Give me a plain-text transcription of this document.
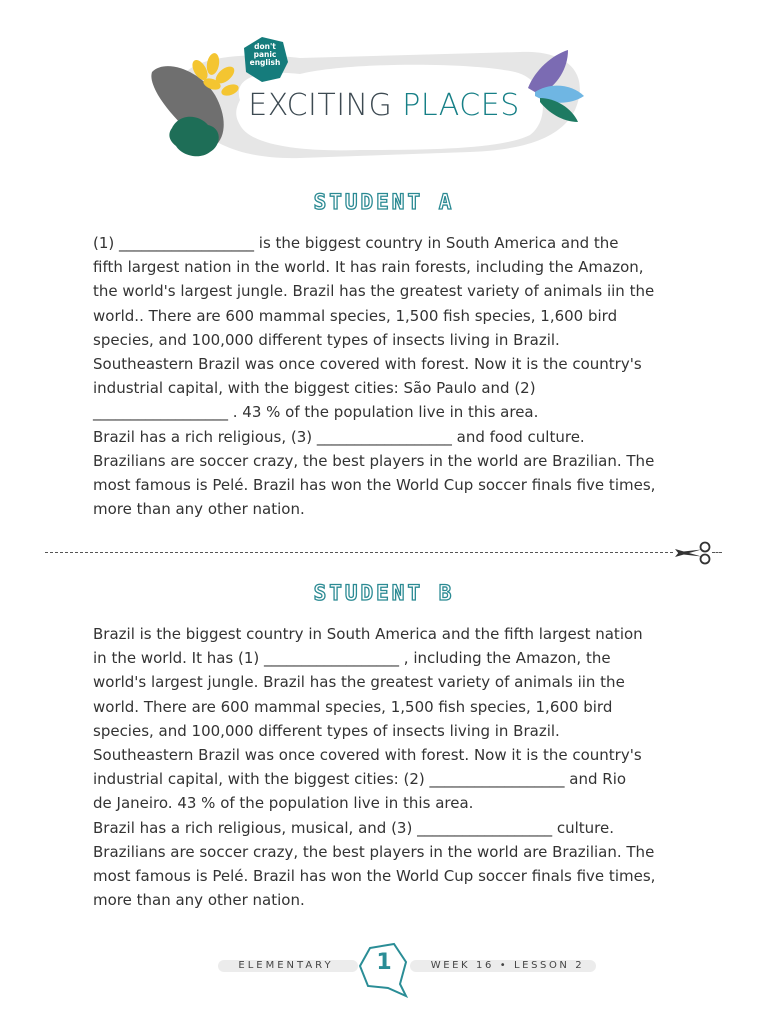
don't
panic
english
EXCITING PLACES
STUDENT A
(1) __________________ is the biggest country in South America and the
fifth largest nation in the world. It has rain forests, including the Amazon,
the world's largest jungle. Brazil has the greatest variety of animals iin the
world.. There are 600 mammal species, 1,500 fish species, 1,600 bird
species, and 100,000 different types of insects living in Brazil.
Southeastern Brazil was once covered with forest. Now it is the country's
industrial capital, with the biggest cities: São Paulo and (2)
__________________ . 43 % of the population live in this area.
Brazil has a rich religious, (3) __________________ and food culture.
Brazilians are soccer crazy, the best players in the world are Brazilian. The
most famous is Pelé. Brazil has won the World Cup soccer finals five times,
more than any other nation.
STUDENT B
Brazil is the biggest country in South America and the fifth largest nation
in the world. It has (1) __________________ , including the Amazon, the
world's largest jungle. Brazil has the greatest variety of animals iin the
world. There are 600 mammal species, 1,500 fish species, 1,600 bird
species, and 100,000 different types of insects living in Brazil.
Southeastern Brazil was once covered with forest. Now it is the country's
industrial capital, with the biggest cities: (2) __________________ and Rio
de Janeiro. 43 % of the population live in this area.
Brazil has a rich religious, musical, and (3) __________________ culture.
Brazilians are soccer crazy, the best players in the world are Brazilian. The
most famous is Pelé. Brazil has won the World Cup soccer finals five times,
more than any other nation.
ELEMENTARY	WEEK 16 • LESSON 2
1
